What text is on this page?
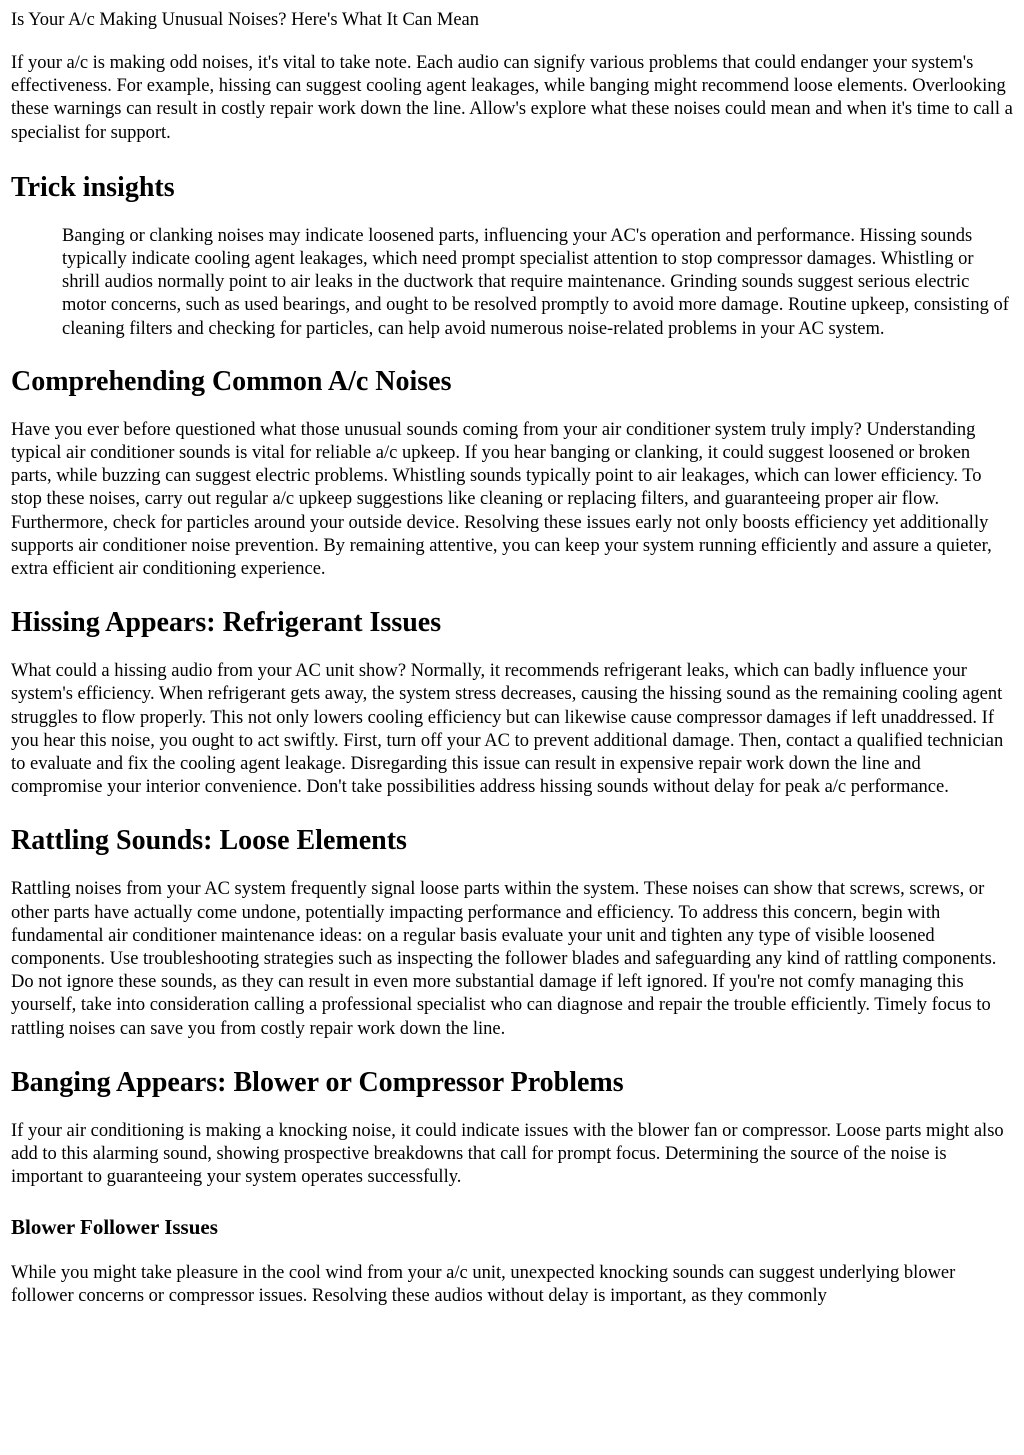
Is Your A/c Making Unusual Noises? Here's What It Can Mean

If your a/c is making odd noises, it's vital to take note. Each audio can signify various problems that could endanger your system's effectiveness. For example, hissing can suggest cooling agent leakages, while banging might recommend loose elements. Overlooking these warnings can result in costly repair work down the line. Allow's explore what these noises could mean and when it's time to call a specialist for support.

Trick insights

Banging or clanking noises may indicate loosened parts, influencing your AC's operation and performance. Hissing sounds typically indicate cooling agent leakages, which need prompt specialist attention to stop compressor damages. Whistling or shrill audios normally point to air leaks in the ductwork that require maintenance. Grinding sounds suggest serious electric motor concerns, such as used bearings, and ought to be resolved promptly to avoid more damage. Routine upkeep, consisting of cleaning filters and checking for particles, can help avoid numerous noise-related problems in your AC system.

Comprehending Common A/c Noises

Have you ever before questioned what those unusual sounds coming from your air conditioner system truly imply? Understanding typical air conditioner sounds is vital for reliable a/c upkeep. If you hear banging or clanking, it could suggest loosened or broken parts, while buzzing can suggest electric problems. Whistling sounds typically point to air leakages, which can lower efficiency. To stop these noises, carry out regular a/c upkeep suggestions like cleaning or replacing filters, and guaranteeing proper air flow. Furthermore, check for particles around your outside device. Resolving these issues early not only boosts efficiency yet additionally supports air conditioner noise prevention. By remaining attentive, you can keep your system running efficiently and assure a quieter, extra efficient air conditioning experience.

Hissing Appears: Refrigerant Issues

What could a hissing audio from your AC unit show? Normally, it recommends refrigerant leaks, which can badly influence your system's efficiency. When refrigerant gets away, the system stress decreases, causing the hissing sound as the remaining cooling agent struggles to flow properly. This not only lowers cooling efficiency but can likewise cause compressor damages if left unaddressed. If you hear this noise, you ought to act swiftly. First, turn off your AC to prevent additional damage. Then, contact a qualified technician to evaluate and fix the cooling agent leakage. Disregarding this issue can result in expensive repair work down the line and compromise your interior convenience. Don't take possibilities address hissing sounds without delay for peak a/c performance.

Rattling Sounds: Loose Elements

Rattling noises from your AC system frequently signal loose parts within the system. These noises can show that screws, screws, or other parts have actually come undone, potentially impacting performance and efficiency. To address this concern, begin with fundamental air conditioner maintenance ideas: on a regular basis evaluate your unit and tighten any type of visible loosened components. Use troubleshooting strategies such as inspecting the follower blades and safeguarding any kind of rattling components. Do not ignore these sounds, as they can result in even more substantial damage if left ignored. If you're not comfy managing this yourself, take into consideration calling a professional specialist who can diagnose and repair the trouble efficiently. Timely focus to rattling noises can save you from costly repair work down the line.

Banging Appears: Blower or Compressor Problems

If your air conditioning is making a knocking noise, it could indicate issues with the blower fan or compressor. Loose parts might also add to this alarming sound, showing prospective breakdowns that call for prompt focus. Determining the source of the noise is important to guaranteeing your system operates successfully.

Blower Follower Issues

While you might take pleasure in the cool wind from your a/c unit, unexpected knocking sounds can suggest underlying blower follower concerns or compressor issues. Resolving these audios without delay is important, as they commonly
